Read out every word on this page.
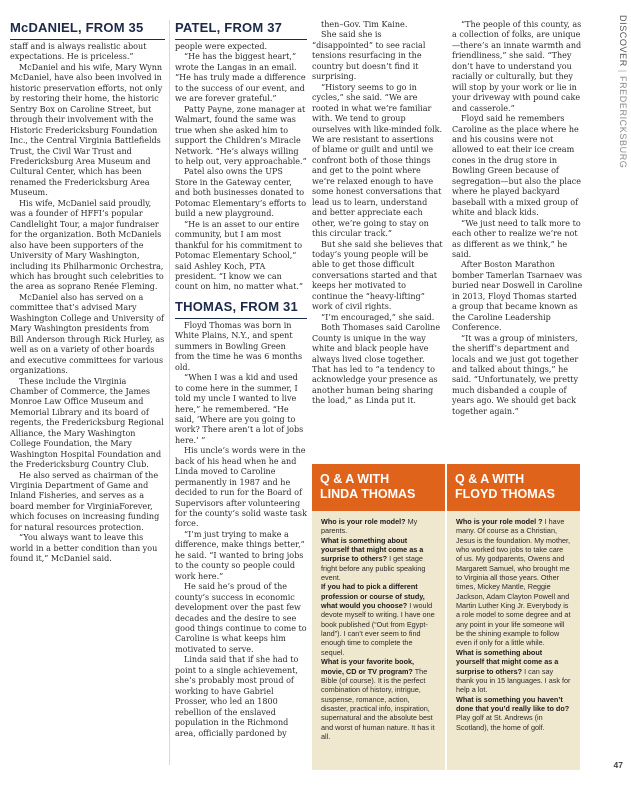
McDANIEL, FROM 35

staff and is always realistic about expectations. He is priceless.”

McDaniel and his wife, Mary Wynn McDaniel, have also been involved in historic preservation efforts, not only by restoring their home, the historic Sentry Box on Caroline Street, but through their involvement with the Historic Fredericksburg Foundation Inc., the Central Virginia Battlefields Trust, the Civil War Trust and Fredericksburg Area Museum and Cultural Center, which has been renamed the Fredericksburg Area Museum.

His wife, McDaniel said proudly, was a founder of HFFI’s popular Candlelight Tour, a major fundraiser for the organization. Both McDaniels also have been supporters of the University of Mary Washington, including its Philharmonic Orchestra, which has brought such celebrities to the area as soprano Renée Fleming.

McDaniel also has served on a committee that’s advised Mary Washington College and University of Mary Washington presidents from Bill Anderson through Rick Hurley, as well as on a variety of other boards and executive committees for various organizations.

These include the Virginia Chamber of Commerce, the James Monroe Law Office Museum and Memorial Library and its board of regents, the Fredericksburg Regional Alliance, the Mary Washington College Foundation, the Mary Washington Hospital Foundation and the Fredericksburg Country Club.

He also served as chairman of the Virginia Department of Game and Inland Fisheries, and serves as a board member for VirginiaForever, which focuses on increasing funding for natural resources protection.

“You always want to leave this world in a better condition than you found it,” McDaniel said.

PATEL, FROM 37

people were expected.

“He has the biggest heart,” wrote the Langas in an email. “He has truly made a difference to the success of our event, and we are forever grateful.”

Patty Payne, zone manager at Walmart, found the same was true when she asked him to support the Children’s Miracle Network. “He’s always willing to help out, very approachable.”

Patel also owns the UPS Store in the Gateway center, and both businesses donated to Potomac Elementary’s efforts to build a new playground.

“He is an asset to our entire community, but I am most thankful for his commitment to Potomac Elementary School,” said Ashley Koch, PTA president. “I know we can count on him, no matter what.”

THOMAS, FROM 31

Floyd Thomas was born in White Plains, N.Y., and spent summers in Bowling Green from the time he was 6 months old.

“When I was a kid and used to come here in the summer, I told my uncle I wanted to live here,” he remembered. “He said, ‘Where are you going to work? There aren’t a lot of jobs here.’ ”

His uncle’s words were in the back of his head when he and Linda moved to Caroline permanently in 1987 and he decided to run for the Board of Supervisors after volunteering for the county’s solid waste task force.

“I’m just trying to make a difference, make things better,” he said. “I wanted to bring jobs to the county so people could work here.”

He said he’s proud of the county’s success in economic development over the past few decades and the desire to see good things continue to come to Caroline is what keeps him motivated to serve.

Linda said that if she had to point to a single achievement, she’s probably most proud of working to have Gabriel Prosser, who led an 1800 rebellion of the enslaved population in the Richmond area, officially pardoned by

then–Gov. Tim Kaine.

She said she is “disappointed” to see racial tensions resurfacing in the country but doesn’t find it surprising.

“History seems to go in cycles,” she said. “We are rooted in what we’re familiar with. We tend to group ourselves with like-minded folk. We are resistant to assertions of blame or guilt and until we confront both of those things and get to the point where we’re relaxed enough to have some honest conversations that lead us to learn, understand and better appreciate each other, we’re going to stay on this circular track.”

But she said she believes that today’s young people will be able to get those difficult conversations started and that keeps her motivated to continue the “heavy-lifting” work of civil rights.

“I’m encouraged,” she said.

Both Thomases said Caroline County is unique in the way white and black people have always lived close together. That has led to “a tendency to acknowledge your presence as another human being sharing the load,” as Linda put it.

“The people of this county, as a collection of folks, are unique—there’s an innate warmth and friendliness,” she said. “They don’t have to understand you racially or culturally, but they will stop by your work or lie in your driveway with pound cake and casserole.”

Floyd said he remembers Caroline as the place where he and his cousins were not allowed to eat their ice cream cones in the drug store in Bowling Green because of segregation—but also the place where he played backyard baseball with a mixed group of white and black kids.

“We just need to talk more to each other to realize we’re not as different as we think,” he said.

After Boston Marathon bomber Tamerlan Tsarnaev was buried near Doswell in Caroline in 2013, Floyd Thomas started a group that became known as the Caroline Leadership Conference.

“It was a group of ministers, the sheriff’s department and locals and we just got together and talked about things,” he said. “Unfortunately, we pretty much disbanded a couple of years ago. We should get back together again.”

Q & A WITH
LINDA THOMAS
Who is your role model? My parents.
What is something about yourself that might come as a surprise to others? I get stage fright before any public speaking event.
If you had to pick a different profession or course of study, what would you choose? I would devote myself to writing. I have one book published (“Out from Egypt-land”). I can’t ever seem to find enough time to complete the sequel.
What is your favorite book, movie, CD or TV program? The Bible (of course). It is the perfect combination of history, intrigue, suspense, romance, action, disaster, practical info, inspiration, supernatural and the absolute best and worst of human nature. It has it all.
Q & A WITH
FLOYD THOMAS
Who is your role model ? I have many. Of course as a Christian, Jesus is the foundation. My mother, who worked two jobs to take care of us. My godparents, Owens and Margarett Samuel, who brought me to Virginia all those years. Other times, Mickey Mantle, Reggie Jackson, Adam Clayton Powell and Martin Luther King Jr. Everybody is a role model to some degree and at any point in your life someone will be the shining example to follow even if only for a little while.
What is something about yourself that might come as a surprise to others? I can say thank you in 15 languages. I ask for help a lot.
What is something you haven’t done that you’d really like to do? Play golf at St. Andrews (in Scotland), the home of golf.
DISCOVER | FREDERICKSBURG
47
